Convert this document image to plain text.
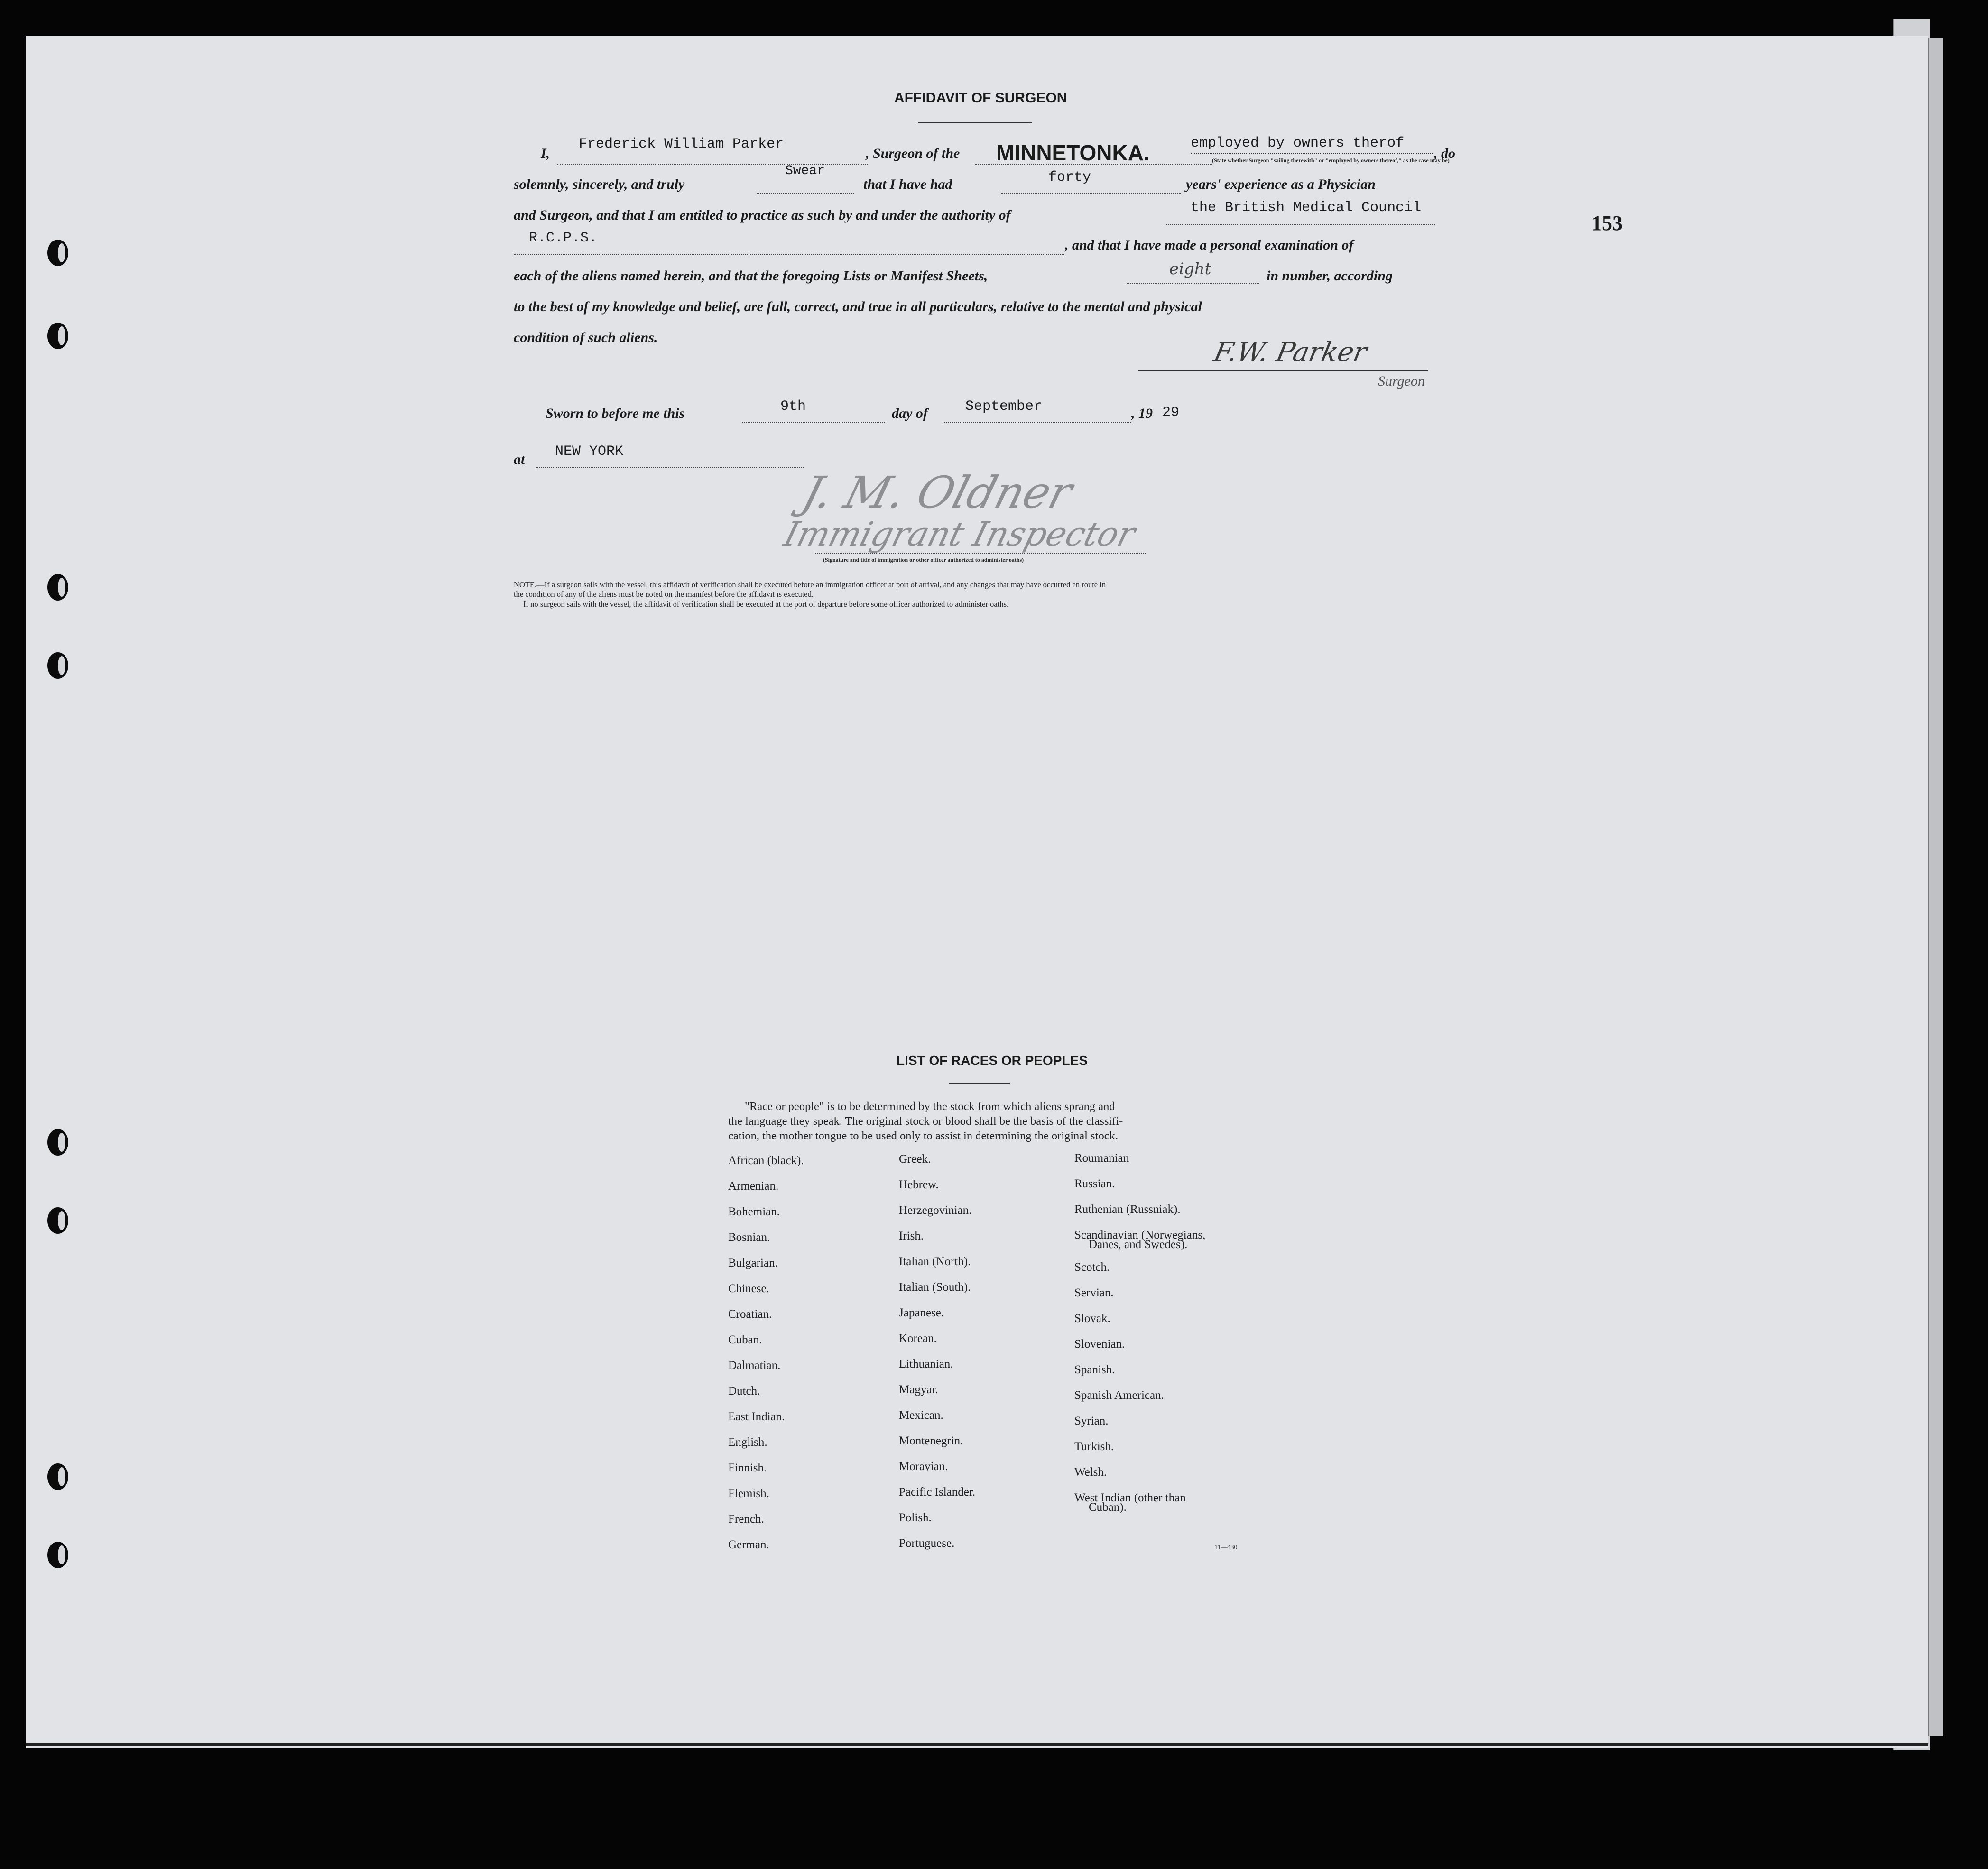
153
AFFIDAVIT OF SURGEON
I,
Frederick William Parker
, Surgeon of the MINNETONKA.	employed by owners therof
, do
(State whether Surgeon "sailing therewith" or "employed by owners thereof," as the case may be)
solemnly, sincerely, and truly
Swear
that I have had	forty	years' experience as a Physician
and Surgeon, and that I am entitled to practice as such by and under the authority of	the British Medical Council
R.C.P.S.	, and that I have made a personal examination of
each of the aliens named herein, and that the foregoing Lists or Manifest Sheets,	eight	in number, according
to the best of my knowledge and belief, are full, correct, and true in all particulars, relative to the mental and physical
condition of such aliens.	F.W. Parker
Surgeon
Sworn to before me this	9th	day of	September	, 19 29
at NEW YORK
J. M. Oldner
Immigrant Inspector
(Signature and title of immigration or other officer authorized to administer oaths)
NOTE.—If a surgeon sails with the vessel, this affidavit of verification shall be executed before an immigration officer at port of arrival, and any changes that may have occurred en route in
the condition of any of the aliens must be noted on the manifest before the affidavit is executed.
If no surgeon sails with the vessel, the affidavit of verification shall be executed at the port of departure before some officer authorized to administer oaths.
LIST OF RACES OR PEOPLES
"Race or people" is to be determined by the stock from which aliens sprang and
the language they speak. The original stock or blood shall be the basis of the classifi-
cation, the mother tongue to be used only to assist in determining the original stock.
African (black).
Armenian.
Bohemian.
Bosnian.
Bulgarian.
Chinese.
Croatian.
Cuban.
Dalmatian.
Dutch.
East Indian.
English.
Finnish.
Flemish.
French.
German.
Greek.
Hebrew.
Herzegovinian.
Irish.
Italian (North).
Italian (South).
Japanese.
Korean.
Lithuanian.
Magyar.
Mexican.
Montenegrin.
Moravian.
Pacific Islander.
Polish.
Portuguese.
Roumanian
Russian.
Ruthenian (Russniak).
Scandinavian (Norwegians,
Danes, and Swedes).
Scotch.
Servian.
Slovak.
Slovenian.
Spanish.
Spanish American.
Syrian.
Turkish.
Welsh.
West Indian (other than
Cuban).
11—430
